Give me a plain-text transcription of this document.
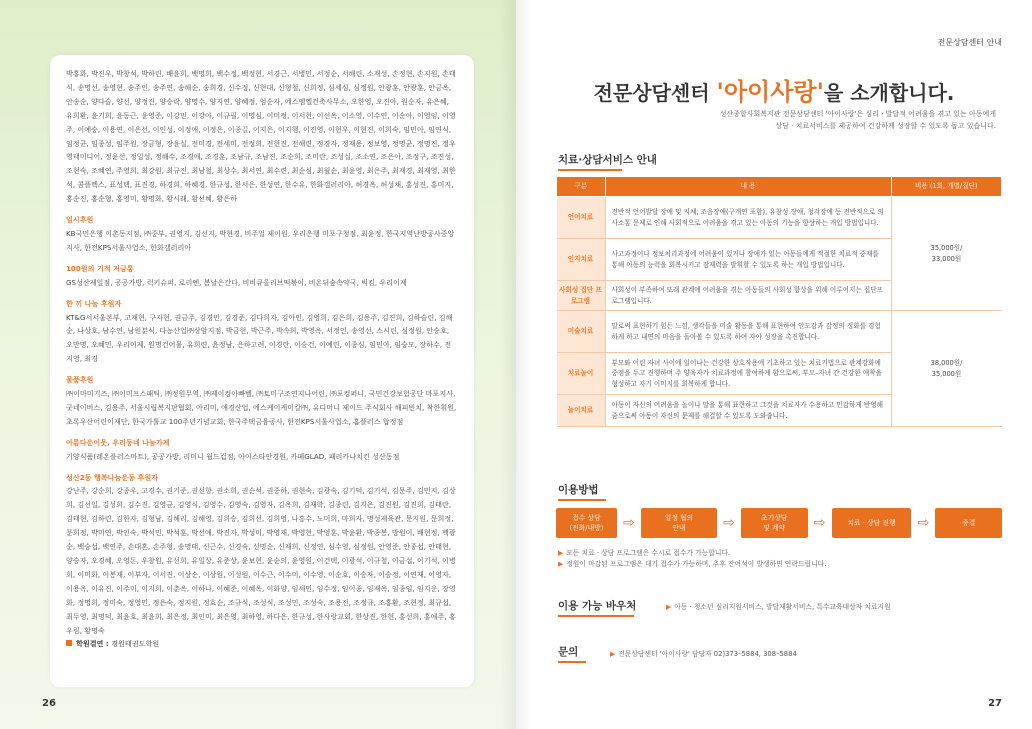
박홍화, 박진우, 박창석, 박하린, 배윤희, 백명희, 백수정, 백정현, 서경근, 서병민, 서정순, 서해린, 소재성, 손정현, 손지원, 손태식, 송명선, 송영현, 송주인, 송주연, 송해순, 송희경, 신수정, 신현대, 신형철, 신희정, 심세심, 심정원, 안광훈, 안광훈, 안금옥, 안송순, 양다슬, 양선, 양정진, 양승락, 양명수, 양지연, 양혜정, 엄순자, 에스엠엘건축사무소, 오한영, 오진아, 원순자, 유은혜, 유희환, 윤기희, 윤동근, 윤영준, 이강민, 이강아, 이규필, 이명심, 이미정, 이서현, 이선옥, 이소영, 이수연, 이순아, 이영임, 이영주, 이예승, 이용연, 이은선, 이인성, 이정애, 이정은, 이종길, 이지은, 이지행, 이진영, 이현우, 이현진, 이희숙, 임민아, 임연식, 임정균, 임종성, 임주원, 장금형, 장윤실, 전미경, 전세미, 전정희, 전현진, 전해련, 정경자, 정재용, 정보영, 정명균, 정명진, 정우영태미디어, 정윤선, 정일성, 정해수, 조경애, 조경훈, 조남규, 조남진, 조순희, 조미란, 조성실, 조소연, 조은아, 조정구, 조진성, 조현숙, 조혜연, 주영희, 최강원, 최규진, 최남철, 최상수, 최서연, 최수련, 최순심, 최월순, 최윤영, 최은주, 최재경, 최재영, 최한석, 콤플렉스, 표성택, 표진경, 하경희, 하혜경, 한규성, 한서은, 한성연, 한수유, 한화갤러리아, 허경옥, 허성채, 홍성진, 홍미지, 홍순진, 홍순형, 홍영미, 황명화, 황시래, 황선혜, 황은하

일시후원

KB국민은행 이촌동지점, ㈜중부, 권영지, 김선지, 박현경, 비주얼 제이원, 우리은행 미포구청점, 최윤정, 한국지역난방공사중앙지사, 한전KPS서울사업소, 한화갤러리아

100원의 기적 저금통

GS성산제일점, 공공가방, 럭키슈퍼, 로리엔, 봄날은간다, 비비큐올리브떡볶이, 비온뒤숲속약국, 빅킴, 우리이제

한 끼 나눔 후원자

KT&G서서울본부, 고재현, 구자현, 권금주, 김경민, 김경준, 김다희자, 김아인, 김영희, 김은희, 김용주, 김진희, 김하슬린, 김해순, 나상호, 남수연, 남원분식, 다농산업㈜상암지점, 박금현, 박근주, 박속희, 박영옥, 서정인, 송영선, 스시린, 심정원, 안승호, 오만명, 오혜민, 우리이제, 원명건어물, 유희련, 윤정남, 은하고려, 이경란, 이승건, 이예린, 이종심, 임민아, 임승모, 장하수, 전지영, 최경

물품후원

㈜이마미기즈, ㈜이미프스패틱, ㈜정원무역, ㈜제이컴아빠벨, ㈜토미구조연지나어린, ㈜포컴퍼니, 국민건강보험공단 마포지사, 굿네이버스, 김용주, 서울시립복지판협회, 아리미, 애경산업, 에스케이케미칼㈜, 유디머니 제이드 주식회사 해피빈치, 착한휘원, 초록우산어린이재단, 한국가톨교 100주년기념교회, 한국주택금융공사, 한전KPS서울사업소, 홈플러스 합정점

아름다운이웃, 우리동네 나눔가게

기양식품(레온플러스마트), 공공가방, 리미니 월드컵점, 아이스타안경원, 카페GLAD, 패리카나치킨 성산동점

성산2동 행복나눔운동 후원자

강난주, 강순희, 강종우, 고경수, 권기준, 권선향, 권소희, 권순석, 권중하, 권현숙, 김광숙, 김기덕, 김기석, 김문주, 김민지, 김상희, 김선일, 김성희, 김수진, 김영균, 김영식, 김영수, 김영숙, 김영자, 김옥희, 김재학, 김종린, 김지은, 김진원, 김진희, 김태란, 김태현, 김하린, 김한자, 김형남, 김해리, 김해영, 김희승, 김희선, 김희영, 나흥수, 노미희, 마희자, 명성제육관, 문지원, 문희정, 문희정, 박미연, 박인숙, 박석민, 박석훈, 박선애, 박진자, 박성미, 박영재, 박영현, 박영훈, 박윤환, 박종봉, 방원이, 배현정, 백광순, 백승섭, 백연주, 손대혼, 손주형, 송명태, 신근수, 신경숙, 신명순, 신재희, 신정연, 심수영, 심정원, 안영준, 안종섭, 안태현, 양승자, 오경혜, 오영돈, 우창원, 유선희, 유일상, 유준상, 윤보현, 윤순의, 윤영원, 이건택, 이광석, 이규철, 이금섭, 이기석, 이병희, 이미화, 이봉재, 이부자, 이서진, 이상순, 이상원, 이성원, 이수근, 이수미, 이수영, 이순호, 이승자, 이승정, 이연재, 이영자, 이용옥, 이유진, 이주미, 이지희, 이춘옥, 이하나, 이혜준, 이혜옥, 이화양, 임세민, 임수정, 임이종, 임재옥, 임종임, 임지운, 장영화, 정명희, 정미숙, 정영민, 정은숙, 정지원, 정효순, 조규식, 조성식, 조성민, 조성숙, 조용진, 조정규, 조홍환, 조현정, 최규섭, 최두영, 최명덕, 최윤호, 최윤희, 최은정, 최인미, 최은영, 최하영, 하다은, 한규성, 한사랑교회, 한상진, 한현, 홍선희, 홍애주, 홍우림, 황명숙

학원결연 : 경원태권도학원

26
전문상담센터 안내
전문상담센터 '아이사랑'을 소개합니다.
성산종합사회복지관 전문상담센터 '아이사랑'은 심리 · 발달적 어려움을 겪고 있는 아동에게
상담 · 치료서비스를 제공하여 건강하게 성장할 수 있도록 돕고 있습니다.
치료·상담서비스 안내
구분	내 용	비용 (1회, 개별/집단)
언어치료	전반적 언어발달 장애 및 지체, 조음장애(구개연 포함), 유창성 장애, 청각장애 등 전반적으로 의사소통 문제로 인해 사회적으로 어려움을 겪고 있는 아동의 기능을 향상하는 개입 방법입니다.	35,000원/
33,000원
인지치료	사고과정이나 정보처리과정에 어려움이 있거나 장애가 있는 아동들에게 적절한 치료적 중재를 통해 아동의 능력을 회복시키고 잠재력을 발휘할 수 있도록 하는 개입 방법입니다.	
사회성 집단 프로그램	사회성이 부족하여 또래 관계에 어려움을 겪는 아동들의 사회성 향상을 위해 이루어지는 집단프로그램입니다.	
미술치료	말로써 표현하기 힘든 느낌, 생각들을 미술 활동을 통해 표현하여 안도감과 감정의 정화를 경험하게 하고 내면의 마음을 돌아볼 수 있도록 하여 자아 성장을 촉진합니다.	38,000원/
35,000원
치료놀이	부모와 어린 자녀 사이에 일어나는 건강한 상호작용에 기초하고 있는 치료기법으로 관계강화에 중점을 두고 진행하며 주 양육자가 치료과정에 참여하게 함으로써, 부모–자녀 간 건강한 애착을 형성하고 자기 이미지를 회복하게 합니다.	
놀이치료	아동이 자신의 어려움을 놀이나 말을 통해 표현하고 그것을 치료자가 수용하고 민감하게 반영해줌으로써 아동이 자신의 문제를 해결할 수 있도록 도와줍니다.	
이용방법
접수 상담
(전화/내방)	⇨	일정 협의
안내	⇨	초기상담
및 계약	⇨	치료 · 상담 진행	⇨	종결
▶ 모든 치료 · 상담 프로그램은 수시로 접수가 가능합니다.
▶ 정원이 마감된 프로그램은 대기 접수가 가능하며, 추후 잔여석이 발생하면 연락드립니다.
이용 가능 바우처	▶ 아동 · 청소년 심리지원서비스, 발달재활서비스, 특수교육대상자 치료지원
문의	▶ 전문상담센터 '아이사랑' 담당자 02)373–5884, 308–5884
27
